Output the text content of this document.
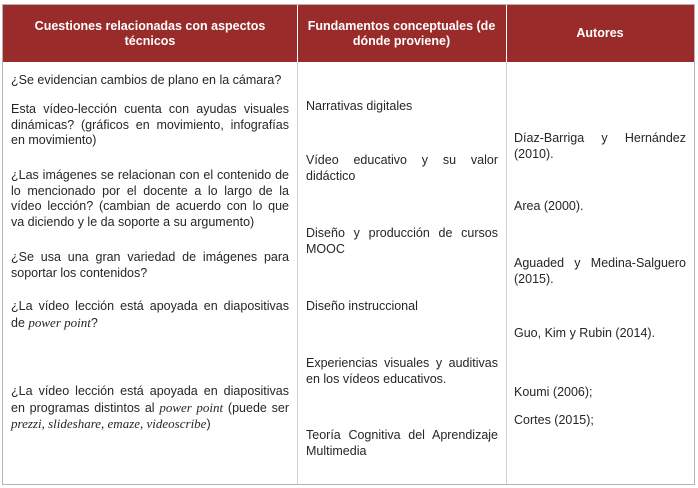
Cuestiones relacionadas con aspectos técnicos
Fundamentos conceptuales (de dónde proviene)
Autores
¿Se evidencian cambios de plano en la cámara?
Esta vídeo-lección cuenta con ayudas visuales dinámicas? (gráficos en movimiento, infografías en movimiento)
¿Las imágenes se relacionan con el contenido de lo mencionado por el docente a lo largo de la vídeo lección? (cambian de acuerdo con lo que va diciendo y le da soporte a su argumento)
¿Se usa una gran variedad de imágenes para soportar los contenidos?
¿La vídeo lección está apoyada en diapositivas de power point?
¿La vídeo lección está apoyada en diapositivas en programas distintos al power point (puede ser prezzi, slideshare, emaze, videoscribe)
Narrativas digitales
Vídeo educativo y su valor didáctico
Diseño y producción de cursos MOOC
Diseño instruccional
Experiencias visuales y auditivas en los vídeos educativos.
Teoría Cognitiva del Aprendizaje Multimedia
Díaz-Barriga y Hernández (2010).
Area (2000).
Aguaded y Medina-Salguero (2015).
Guo, Kim y Rubin (2014).
Koumi (2006);
Cortes (2015);
